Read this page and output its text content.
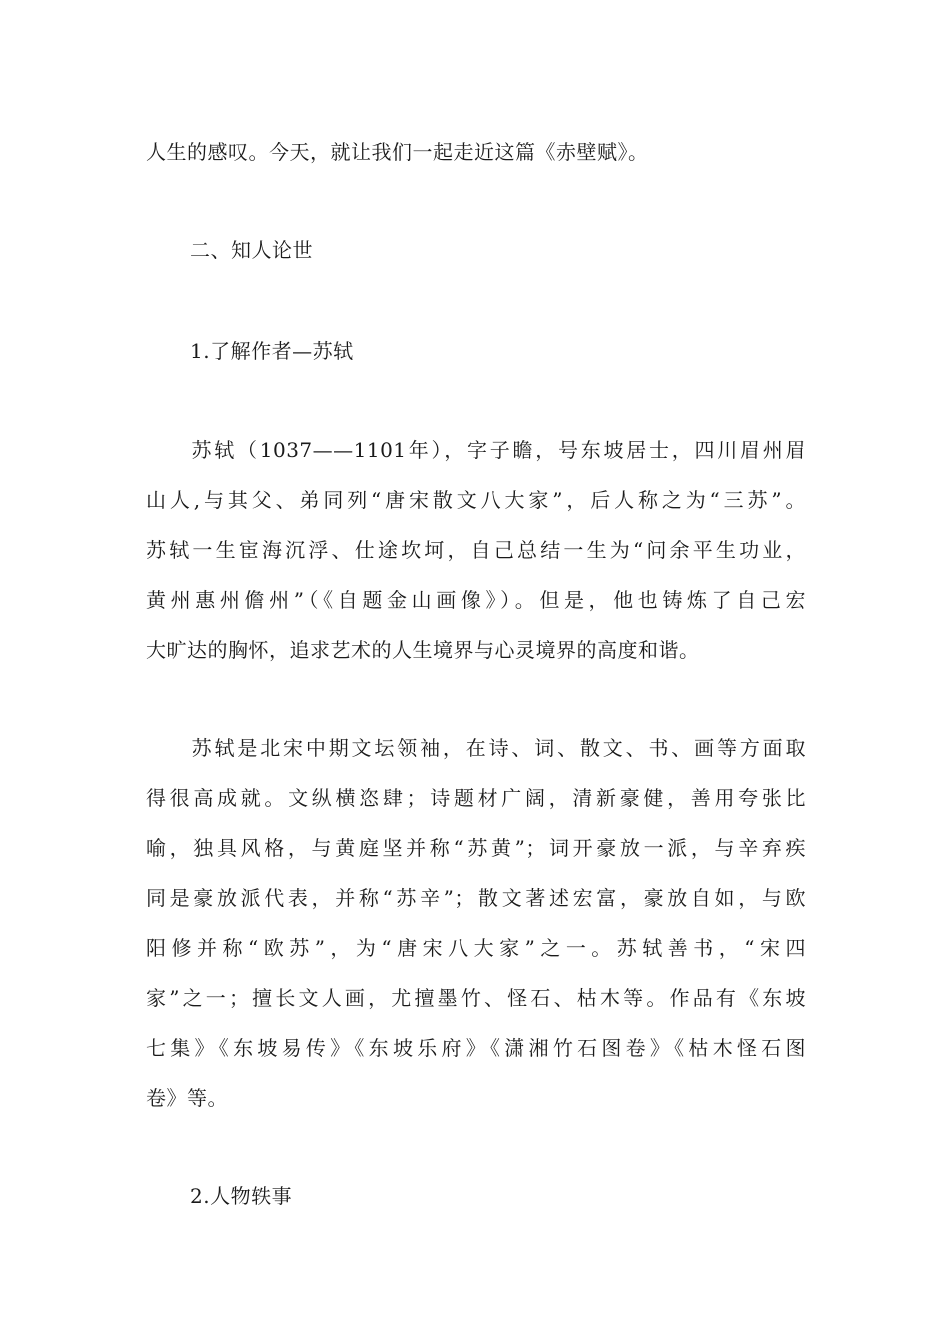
人生的感叹。今天，就让我们一起走近这篇《赤壁赋》。
二、知人论世
1.了解作者—苏轼
　　苏轼（1037——1101年），字子瞻，号东坡居士，四川眉州眉
山人,与其父、弟同列“唐宋散文八大家”，后人称之为“三苏”。
苏轼一生宦海沉浮、仕途坎坷，自己总结一生为“问余平生功业，
黄州惠州儋州”（《自题金山画像》）。但是，他也铸炼了自己宏
大旷达的胸怀，追求艺术的人生境界与心灵境界的高度和谐。
　　苏轼是北宋中期文坛领袖，在诗、词、散文、书、画等方面取
得很高成就。文纵横恣肆；诗题材广阔，清新豪健，善用夸张比
喻，独具风格，与黄庭坚并称“苏黄”；词开豪放一派，与辛弃疾
同是豪放派代表，并称“苏辛”；散文著述宏富，豪放自如，与欧
阳修并称“欧苏”，为“唐宋八大家”之一。苏轼善书，“宋四
家”之一；擅长文人画，尤擅墨竹、怪石、枯木等。作品有《东坡
七集》《东坡易传》《东坡乐府》《潇湘竹石图卷》《枯木怪石图
卷》等。
2.人物轶事
